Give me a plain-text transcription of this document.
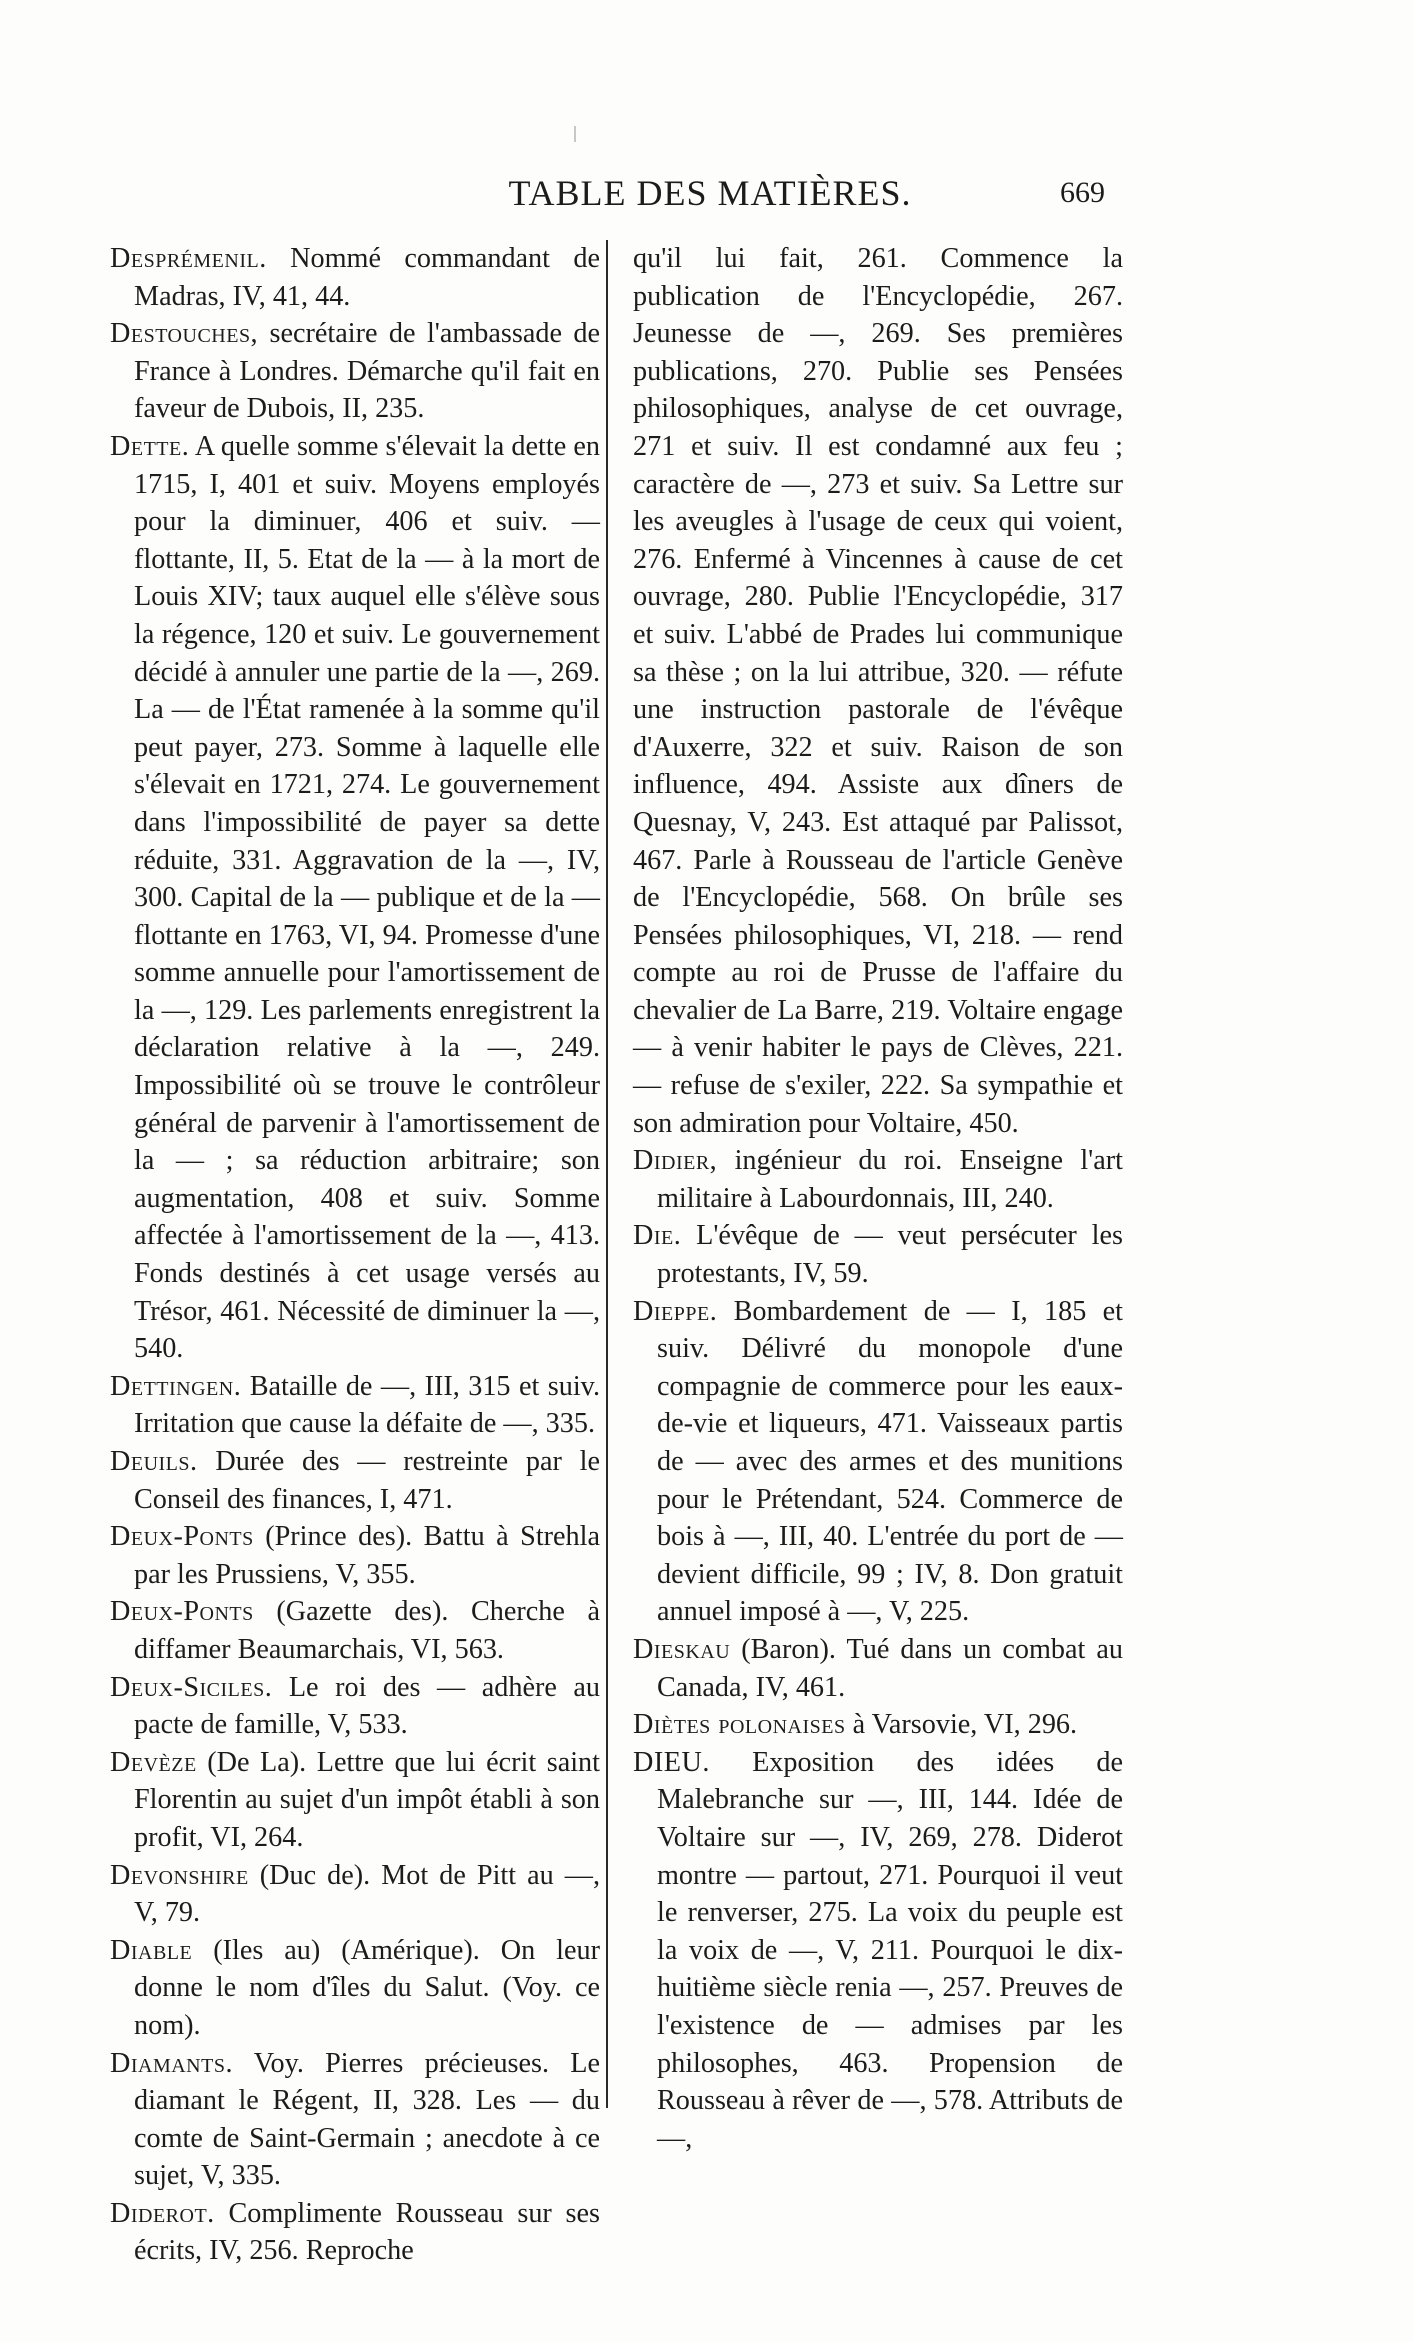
TABLE DES MATIÈRES.	669

Desprémenil. Nommé commandant de Madras, IV, 41, 44.

Destouches, secrétaire de l'ambassade de France à Londres. Démarche qu'il fait en faveur de Dubois, II, 235.

Dette. A quelle somme s'élevait la dette en 1715, I, 401 et suiv. Moyens employés pour la diminuer, 406 et suiv. — flottante, II, 5. Etat de la — à la mort de Louis XIV; taux auquel elle s'élève sous la régence, 120 et suiv. Le gouvernement décidé à annuler une partie de la —, 269. La — de l'État ramenée à la somme qu'il peut payer, 273. Somme à laquelle elle s'élevait en 1721, 274. Le gouvernement dans l'impossibilité de payer sa dette réduite, 331. Aggravation de la —, IV, 300. Capital de la — publique et de la — flottante en 1763, VI, 94. Promesse d'une somme annuelle pour l'amortissement de la —, 129. Les parlements enregistrent la déclaration relative à la —, 249. Impossibilité où se trouve le contrôleur général de parvenir à l'amortissement de la — ; sa réduction arbitraire; son augmentation, 408 et suiv. Somme affectée à l'amortissement de la —, 413. Fonds destinés à cet usage versés au Trésor, 461. Nécessité de diminuer la —, 540.

Dettingen. Bataille de —, III, 315 et suiv. Irritation que cause la défaite de —, 335.

Deuils. Durée des — restreinte par le Conseil des finances, I, 471.

Deux-Ponts (Prince des). Battu à Strehla par les Prussiens, V, 355.

Deux-Ponts (Gazette des). Cherche à diffamer Beaumarchais, VI, 563.

Deux-Siciles. Le roi des — adhère au pacte de famille, V, 533.

Devèze (De La). Lettre que lui écrit saint Florentin au sujet d'un impôt établi à son profit, VI, 264.

Devonshire (Duc de). Mot de Pitt au —, V, 79.

Diable (Iles au) (Amérique). On leur donne le nom d'îles du Salut. (Voy. ce nom).

Diamants. Voy. Pierres précieuses. Le diamant le Régent, II, 328. Les — du comte de Saint-Germain ; anecdote à ce sujet, V, 335.

Diderot. Complimente Rousseau sur ses écrits, IV, 256. Reproche

qu'il lui fait, 261. Commence la publication de l'Encyclopédie, 267. Jeunesse de —, 269. Ses premières publications, 270. Publie ses Pensées philosophiques, analyse de cet ouvrage, 271 et suiv. Il est condamné aux feu ; caractère de —, 273 et suiv. Sa Lettre sur les aveugles à l'usage de ceux qui voient, 276. Enfermé à Vincennes à cause de cet ouvrage, 280. Publie l'Encyclopédie, 317 et suiv. L'abbé de Prades lui communique sa thèse ; on la lui attribue, 320. — réfute une instruction pastorale de l'évêque d'Auxerre, 322 et suiv. Raison de son influence, 494. Assiste aux dîners de Quesnay, V, 243. Est attaqué par Palissot, 467. Parle à Rousseau de l'article Genève de l'Encyclopédie, 568. On brûle ses Pensées philosophiques, VI, 218. — rend compte au roi de Prusse de l'affaire du chevalier de La Barre, 219. Voltaire engage — à venir habiter le pays de Clèves, 221. — refuse de s'exiler, 222. Sa sympathie et son admiration pour Voltaire, 450.

Didier, ingénieur du roi. Enseigne l'art militaire à Labourdonnais, III, 240.

Die. L'évêque de — veut persécuter les protestants, IV, 59.

Dieppe. Bombardement de — I, 185 et suiv. Délivré du monopole d'une compagnie de commerce pour les eaux-de-vie et liqueurs, 471. Vaisseaux partis de — avec des armes et des munitions pour le Prétendant, 524. Commerce de bois à —, III, 40. L'entrée du port de — devient difficile, 99 ; IV, 8. Don gratuit annuel imposé à —, V, 225.

Dieskau (Baron). Tué dans un combat au Canada, IV, 461.

Diètes polonaises à Varsovie, VI, 296.

DIEU. Exposition des idées de Malebranche sur —, III, 144. Idée de Voltaire sur —, IV, 269, 278. Diderot montre — partout, 271. Pourquoi il veut le renverser, 275. La voix du peuple est la voix de —, V, 211. Pourquoi le dix-huitième siècle renia —, 257. Preuves de l'existence de — admises par les philosophes, 463. Propension de Rousseau à rêver de —, 578. Attributs de —,
